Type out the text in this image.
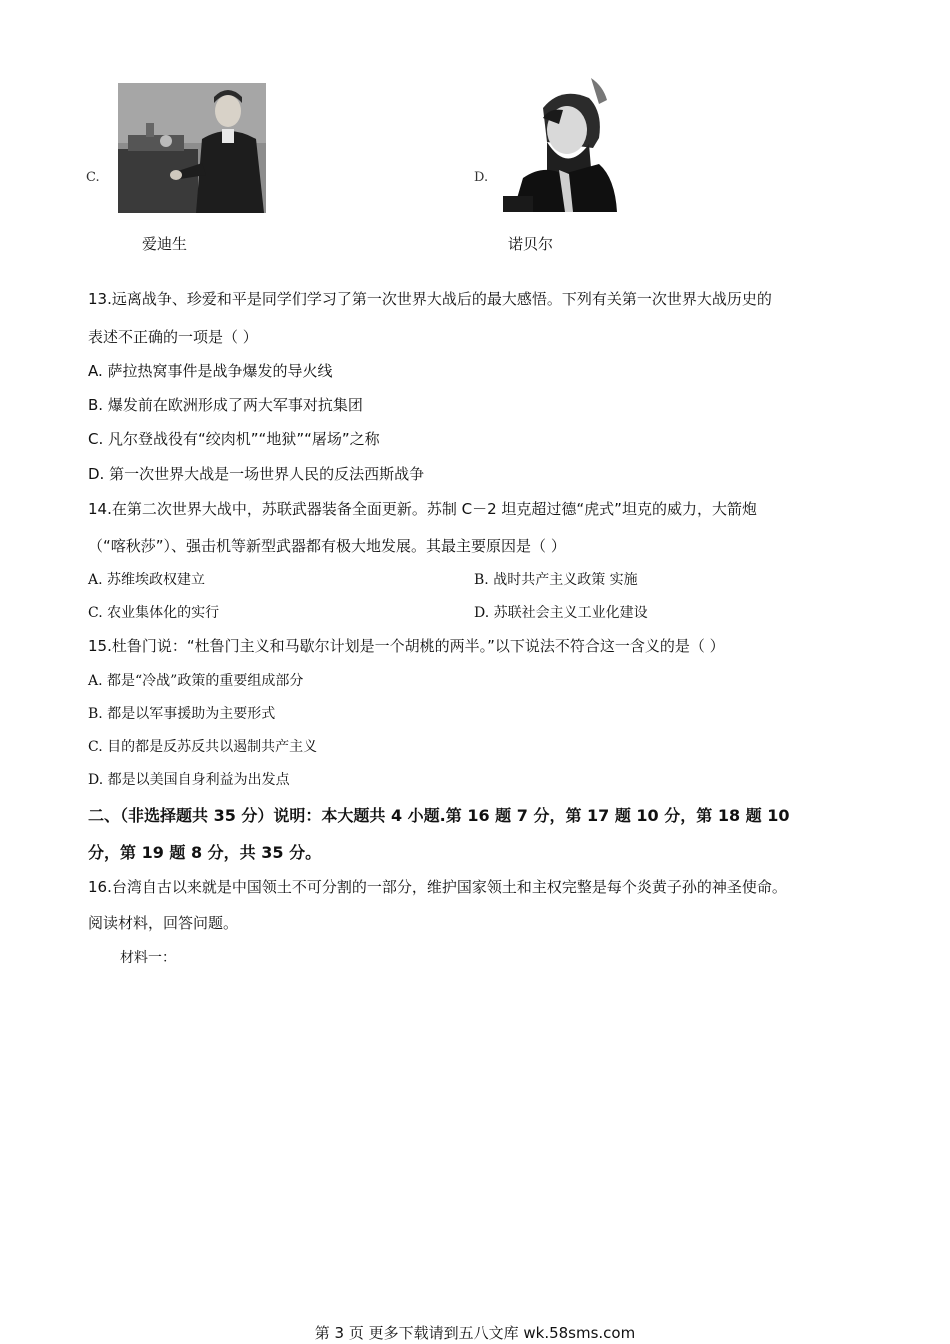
C.
爱迪生
D.
诺贝尔
13.远离战争、珍爱和平是同学们学习了第一次世界大战后的最大感悟。下列有关第一次世界大战历史的
表述不正确的一项是（ ）
A. 萨拉热窝事件是战争爆发的导火线
B. 爆发前在欧洲形成了两大军事对抗集团
C. 凡尔登战役有“绞肉机”“地狱”“屠场”之称
D. 第一次世界大战是一场世界人民的反法西斯战争
14.在第二次世界大战中，苏联武器装备全面更新。苏制 C－2 坦克超过德“虎式”坦克的威力，大箭炮
（“喀秋莎”）、强击机等新型武器都有极大地发展。其最主要原因是（ ）
A. 苏维埃政权建立	B. 战时共产主义政策 实施
C. 农业集体化的实行	D. 苏联社会主义工业化建设
15.杜鲁门说：“杜鲁门主义和马歇尔计划是一个胡桃的两半。”以下说法不符合这一含义的是（ ）
A. 都是“冷战”政策的重要组成部分
B. 都是以军事援助为主要形式
C. 目的都是反苏反共以遏制共产主义
D. 都是以美国自身利益为出发点
二、（非选择题共 35 分）说明：本大题共 4 小题.第 16 题 7 分，第 17 题 10 分，第 18 题 10
分，第 19 题 8 分，共 35 分。
16.台湾自古以来就是中国领土不可分割的一部分，维护国家领土和主权完整是每个炎黄子孙的神圣使命。
阅读材料，回答问题。
材料一：
第 3 页 更多下载请到五八文库 wk.58sms.com
